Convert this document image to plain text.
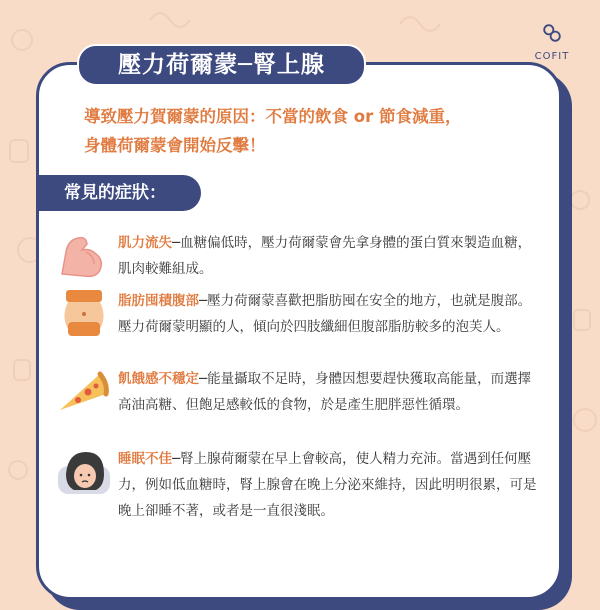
COFIT
壓力荷爾蒙─腎上腺
導致壓力賀爾蒙的原因：不當的飲食 or 節食減重，
身體荷爾蒙會開始反擊！
常見的症狀：
肌力流失─血糖偏低時，壓力荷爾蒙會先拿身體的蛋白質來製造血糖，肌肉較難組成。
脂肪囤積腹部─壓力荷爾蒙喜歡把脂肪囤在安全的地方，也就是腹部。壓力荷爾蒙明顯的人，傾向於四肢纖細但腹部脂肪較多的泡芙人。
飢餓感不穩定─能量攝取不足時，身體因想要趕快獲取高能量，而選擇高油高糖、但飽足感較低的食物，於是產生肥胖惡性循環。
睡眠不佳─腎上腺荷爾蒙在早上會較高，使人精力充沛。當遇到任何壓力，例如低血糖時，腎上腺會在晚上分泌來維持，因此明明很累，可是晚上卻睡不著，或者是一直很淺眠。
